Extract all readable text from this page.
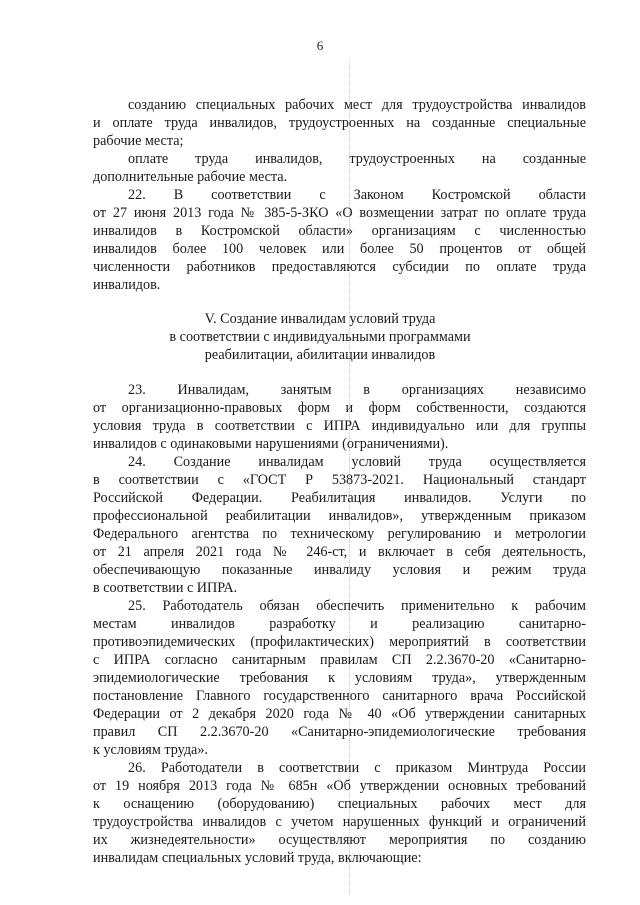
6
созданию специальных рабочих мест для трудоустройства инвалидов
и оплате труда инвалидов, трудоустроенных на созданные специальные
рабочие места;
оплате труда инвалидов, трудоустроенных на созданные
дополнительные рабочие места.
22. В соответствии с Законом Костромской области
от 27 июня 2013 года № 385-5-ЗКО «О возмещении затрат по оплате труда
инвалидов в Костромской области» организациям с численностью
инвалидов более 100 человек или более 50 процентов от общей
численности работников предоставляются субсидии по оплате труда
инвалидов.
V. Создание инвалидам условий труда
в соответствии с индивидуальными программами
реабилитации, абилитации инвалидов
23. Инвалидам, занятым в организациях независимо
от организационно-правовых форм и форм собственности, создаются
условия труда в соответствии с ИПРА индивидуально или для группы
инвалидов с одинаковыми нарушениями (ограничениями).
24. Создание инвалидам условий труда осуществляется
в соответствии с «ГОСТ Р 53873-2021. Национальный стандарт
Российской Федерации. Реабилитация инвалидов. Услуги по
профессиональной реабилитации инвалидов», утвержденным приказом
Федерального агентства по техническому регулированию и метрологии
от 21 апреля 2021 года № 246-ст, и включает в себя деятельность,
обеспечивающую показанные инвалиду условия и режим труда
в соответствии с ИПРА.
25. Работодатель обязан обеспечить применительно к рабочим
местам инвалидов разработку и реализацию санитарно-
противоэпидемических (профилактических) мероприятий в соответствии
с ИПРА согласно санитарным правилам СП 2.2.3670-20 «Санитарно-
эпидемиологические требования к условиям труда», утвержденным
постановление Главного государственного санитарного врача Российской
Федерации от 2 декабря 2020 года № 40 «Об утверждении санитарных
правил СП 2.2.3670-20 «Санитарно-эпидемиологические требования
к условиям труда».
26. Работодатели в соответствии с приказом Минтруда России
от 19 ноября 2013 года № 685н «Об утверждении основных требований
к оснащению (оборудованию) специальных рабочих мест для
трудоустройства инвалидов с учетом нарушенных функций и ограничений
их жизнедеятельности» осуществляют мероприятия по созданию
инвалидам специальных условий труда, включающие:
